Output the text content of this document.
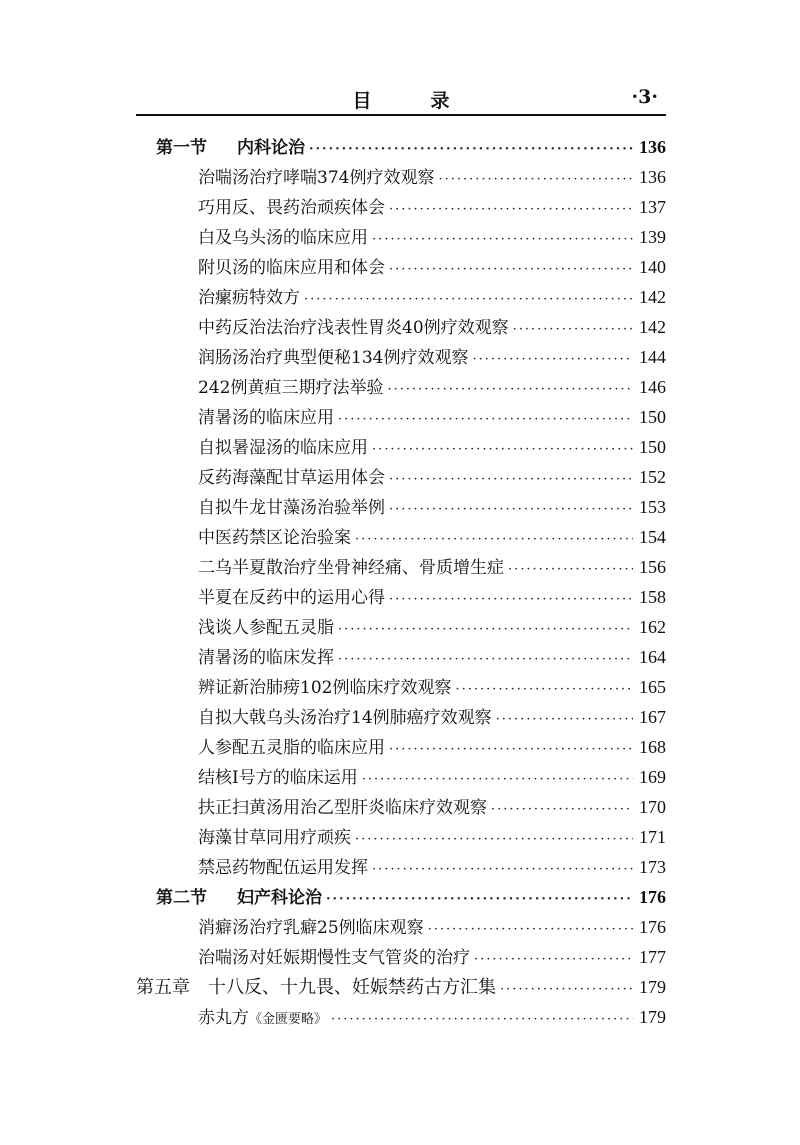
目　录	·3·
第一节 内科论治 ·····	136
治喘汤治疗哮喘374例疗效观察 ·····	136
巧用反、畏药治顽疾体会 ·····	137
白及乌头汤的临床应用 ·····	139
附贝汤的临床应用和体会 ·····	140
治瘰疬特效方 ·····	142
中药反治法治疗浅表性胃炎40例疗效观察 ·····	142
润肠汤治疗典型便秘134例疗效观察 ·····	144
242例黄疸三期疗法举验 ·····	146
清暑汤的临床应用 ·····	150
自拟暑湿汤的临床应用 ·····	150
反药海藻配甘草运用体会 ·····	152
自拟牛龙甘藻汤治验举例 ·····	153
中医药禁区论治验案 ·····	154
二乌半夏散治疗坐骨神经痛、骨质增生症 ·····	156
半夏在反药中的运用心得 ·····	158
浅谈人参配五灵脂 ·····	162
清暑汤的临床发挥 ·····	164
辨证新治肺痨102例临床疗效观察 ·····	165
自拟大戟乌头汤治疗14例肺癌疗效观察 ·····	167
人参配五灵脂的临床应用 ·····	168
结核Ⅰ号方的临床运用 ·····	169
扶正扫黄汤用治乙型肝炎临床疗效观察 ·····	170
海藻甘草同用疗顽疾 ·····	171
禁忌药物配伍运用发挥 ·····	173
第二节 妇产科论治 ·····	176
消癖汤治疗乳癖25例临床观察 ·····	176
治喘汤对妊娠期慢性支气管炎的治疗 ·····	177
第五章　十八反、十九畏、妊娠禁药古方汇集 ·····	179
赤丸方 《金匮要略》 ·····	179
